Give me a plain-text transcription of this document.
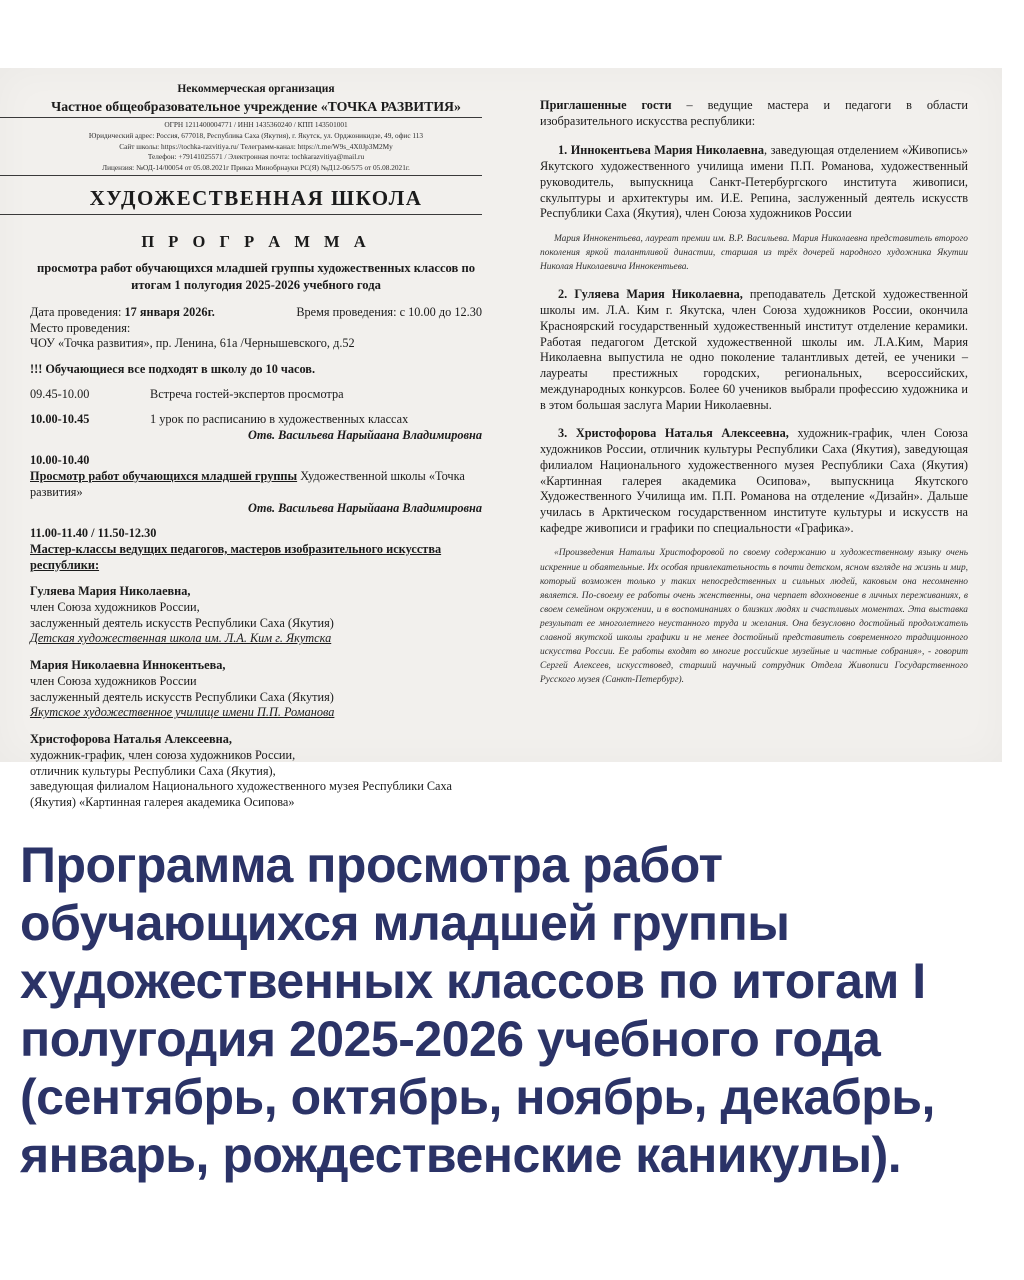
Некоммерческая организация
Частное общеобразовательное учреждение «ТОЧКА РАЗВИТИЯ»
ОГРН 1211400004771 / ИНН 1435360240 / КПП 143501001
Юридический адрес: Россия, 677018, Республика Саха (Якутия), г. Якутск, ул. Орджоникидзе, 49, офис 113
Сайт школы: https://tochka-razvitiya.ru/ Телеграмм-канал: https://t.me/W9s_4X0Jp3M2My
Телефон: +79141025571 / Электронная почта: tochkarazvitiya@mail.ru
Лицензия: №ОД-14/00054 от 05.08.2021г Приказ Минобрнауки РС(Я) №Д12-06/575 от 05.08.2021г.
ХУДОЖЕСТВЕННАЯ ШКОЛА
П Р О Г Р А М М А
просмотра работ обучающихся младшей группы художественных классов по итогам 1 полугодия 2025-2026 учебного года
Дата проведения: 17 января 2026г.	Время проведения: с 10.00 до 12.30
Место проведения:
ЧОУ «Точка развития», пр. Ленина, 61а /Чернышевского, д.52
!!! Обучающиеся все подходят в школу до 10 часов.
09.45-10.00	Встреча гостей-экспертов просмотра
10.00-10.45	1 урок по расписанию в художественных классах
Отв. Васильева Нарыйаана Владимировна
10.00-10.40
Просмотр работ обучающихся младшей группы Художественной школы «Точка развития»
Отв. Васильева Нарыйаана Владимировна
11.00-11.40 / 11.50-12.30
Мастер-классы ведущих педагогов, мастеров изобразительного искусства республики:
Гуляева Мария Николаевна,
член Союза художников России,
заслуженный деятель искусств Республики Саха (Якутия)
Детская художественная школа им. Л.А. Ким г. Якутска
Мария Николаевна Иннокентьева,
член Союза художников России
заслуженный деятель искусств Республики Саха (Якутия)
Якутское художественное училище имени П.П. Романова
Христофорова Наталья Алексеевна,
художник-график, член союза художников России,
отличник культуры Республики Саха (Якутия),
заведующая филиалом Национального художественного музея Республики Саха (Якутия) «Картинная галерея академика Осипова»

Приглашенные гости – ведущие мастера и педагоги в области изобразительного искусства республики:

1. Иннокентьева Мария Николаевна, заведующая отделением «Живопись» Якутского художественного училища имени П.П. Романова, художественный руководитель, выпускница Санкт-Петербургского института живописи, скульптуры и архитектуры им. И.Е. Репина, заслуженный деятель искусств Республики Саха (Якутия), член Союза художников России

Мария Иннокентьева, лауреат премии им. В.Р. Васильева. Мария Николаевна представитель второго поколения яркой талантливой династии, старшая из трёх дочерей народного художника Якутии Николая Николаевича Иннокентьева.

2. Гуляева Мария Николаевна, преподаватель Детской художественной школы им. Л.А. Ким г. Якутска, член Союза художников России, окончила Красноярский государственный художественный институт отделение керамики. Работая педагогом Детской художественной школы им. Л.А.Ким, Мария Николаевна выпустила не одно поколение талантливых детей, ее ученики – лауреаты престижных городских, региональных, всероссийских, международных конкурсов. Более 60 учеников выбрали профессию художника и в этом большая заслуга Марии Николаевны.

3. Христофорова Наталья Алексеевна, художник-график, член Союза художников России, отличник культуры Республики Саха (Якутия), заведующая филиалом Национального художественного музея Республики Саха (Якутия) «Картинная галерея академика Осипова», выпускница Якутского Художественного Училища им. П.П. Романова на отделение «Дизайн». Дальше училась в Арктическом государственном институте культуры и искусств на кафедре живописи и графики по специальности «Графика».

«Произведения Натальи Христофоровой по своему содержанию и художественному языку очень искренние и обаятельные. Их особая привлекательность в почти детском, ясном взгляде на жизнь и мир, который возможен только у таких непосредственных и сильных людей, каковым она несомненно является. По-своему ее работы очень женственны, она черпает вдохновение в личных переживаниях, в своем семейном окружении, и в воспоминаниях о близких людях и счастливых моментах. Эта выставка результат ее многолетнего неустанного труда и желания. Она безусловно достойный продолжатель славной якутской школы графики и не менее достойный представитель современного традиционного искусства России. Ее работы входят во многие российские музейные и частные собрания», - говорит Сергей Алексеев, искусствовед, старший научный сотрудник Отдела Живописи Государственного Русского музея (Санкт-Петербург).

Программа просмотра работ обучающихся младшей группы художественных классов по итогам I полугодия 2025-2026 учебного года (сентябрь, октябрь, ноябрь, декабрь, январь, рождественские каникулы).
